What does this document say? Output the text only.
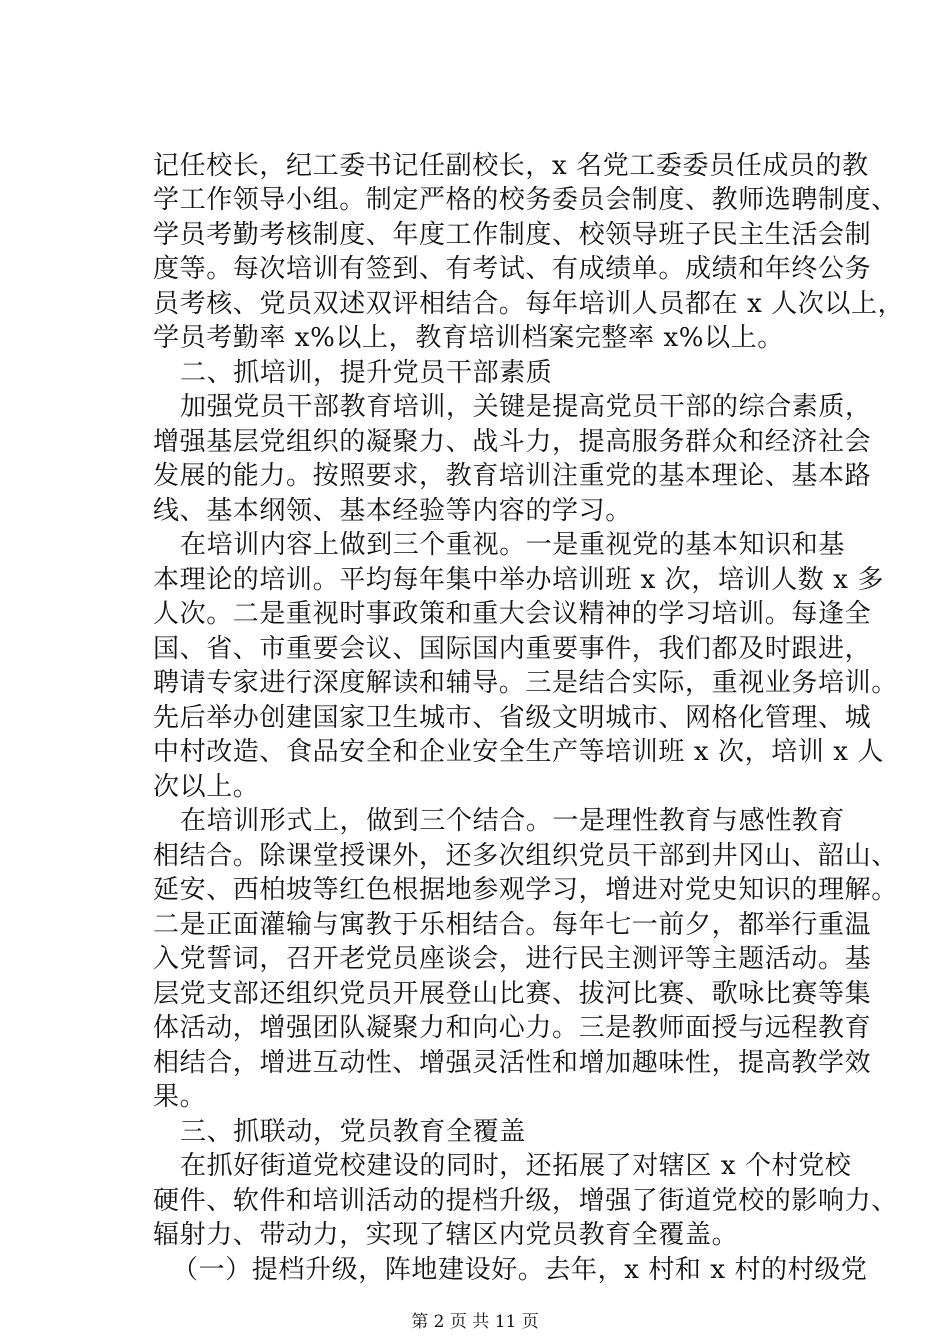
记任校长，纪工委书记任副校长，x 名党工委委员任成员的教
学工作领导小组。制定严格的校务委员会制度、教师选聘制度、
学员考勤考核制度、年度工作制度、校领导班子民主生活会制
度等。每次培训有签到、有考试、有成绩单。成绩和年终公务
员考核、党员双述双评相结合。每年培训人员都在 x 人次以上，
学员考勤率 x%以上，教育培训档案完整率 x%以上。
二、抓培训，提升党员干部素质
加强党员干部教育培训，关键是提高党员干部的综合素质，
增强基层党组织的凝聚力、战斗力，提高服务群众和经济社会
发展的能力。按照要求，教育培训注重党的基本理论、基本路
线、基本纲领、基本经验等内容的学习。
在培训内容上做到三个重视。一是重视党的基本知识和基
本理论的培训。平均每年集中举办培训班 x 次，培训人数 x 多
人次。二是重视时事政策和重大会议精神的学习培训。每逢全
国、省、市重要会议、国际国内重要事件，我们都及时跟进，
聘请专家进行深度解读和辅导。三是结合实际，重视业务培训。
先后举办创建国家卫生城市、省级文明城市、网格化管理、城
中村改造、食品安全和企业安全生产等培训班 x 次，培训 x 人
次以上。
在培训形式上，做到三个结合。一是理性教育与感性教育
相结合。除课堂授课外，还多次组织党员干部到井冈山、韶山、
延安、西柏坡等红色根据地参观学习，增进对党史知识的理解。
二是正面灌输与寓教于乐相结合。每年七一前夕，都举行重温
入党誓词，召开老党员座谈会，进行民主测评等主题活动。基
层党支部还组织党员开展登山比赛、拔河比赛、歌咏比赛等集
体活动，增强团队凝聚力和向心力。三是教师面授与远程教育
相结合，增进互动性、增强灵活性和增加趣味性，提高教学效
果。
三、抓联动，党员教育全覆盖
在抓好街道党校建设的同时，还拓展了对辖区 x 个村党校
硬件、软件和培训活动的提档升级，增强了街道党校的影响力、
辐射力、带动力，实现了辖区内党员教育全覆盖。
（一）提档升级，阵地建设好。去年，x 村和 x 村的村级党
第 2 页 共 11 页
